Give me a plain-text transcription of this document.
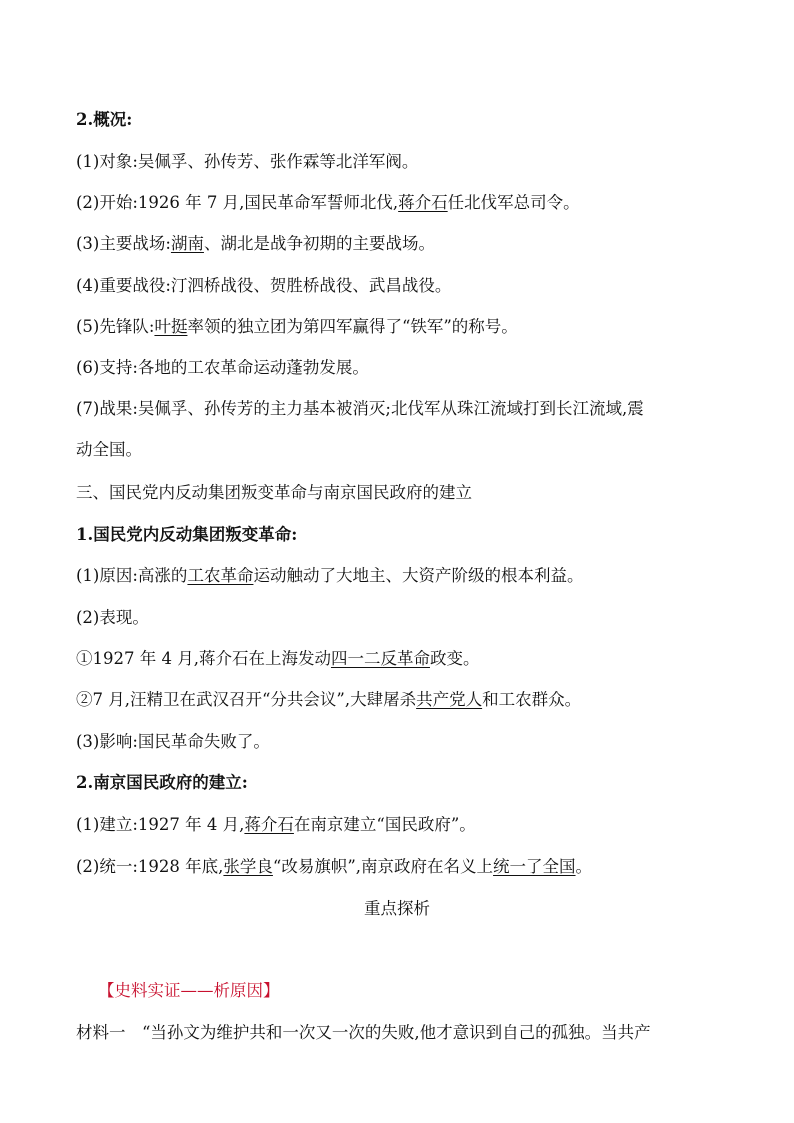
2.概况:
(1)对象:吴佩孚、孙传芳、张作霖等北洋军阀。
(2)开始:1926 年 7 月,国民革命军誓师北伐,蒋介石任北伐军总司令。
(3)主要战场:湖南、湖北是战争初期的主要战场。
(4)重要战役:汀泗桥战役、贺胜桥战役、武昌战役。
(5)先锋队:叶挺率领的独立团为第四军赢得了“铁军”的称号。
(6)支持:各地的工农革命运动蓬勃发展。
(7)战果:吴佩孚、孙传芳的主力基本被消灭;北伐军从珠江流域打到长江流域,震
动全国。
三、国民党内反动集团叛变革命与南京国民政府的建立
1.国民党内反动集团叛变革命:
(1)原因:高涨的工农革命运动触动了大地主、大资产阶级的根本利益。
(2)表现。
①1927 年 4 月,蒋介石在上海发动四一二反革命政变。
②7 月,汪精卫在武汉召开“分共会议”,大肆屠杀共产党人和工农群众。
(3)影响:国民革命失败了。
2.南京国民政府的建立:
(1)建立:1927 年 4 月,蒋介石在南京建立“国民政府”。
(2)统一:1928 年底,张学良“改易旗帜”,南京政府在名义上统一了全国。
重点探析
【史料实证——析原因】
材料一　“当孙文为维护共和一次又一次的失败,他才意识到自己的孤独。当共产
